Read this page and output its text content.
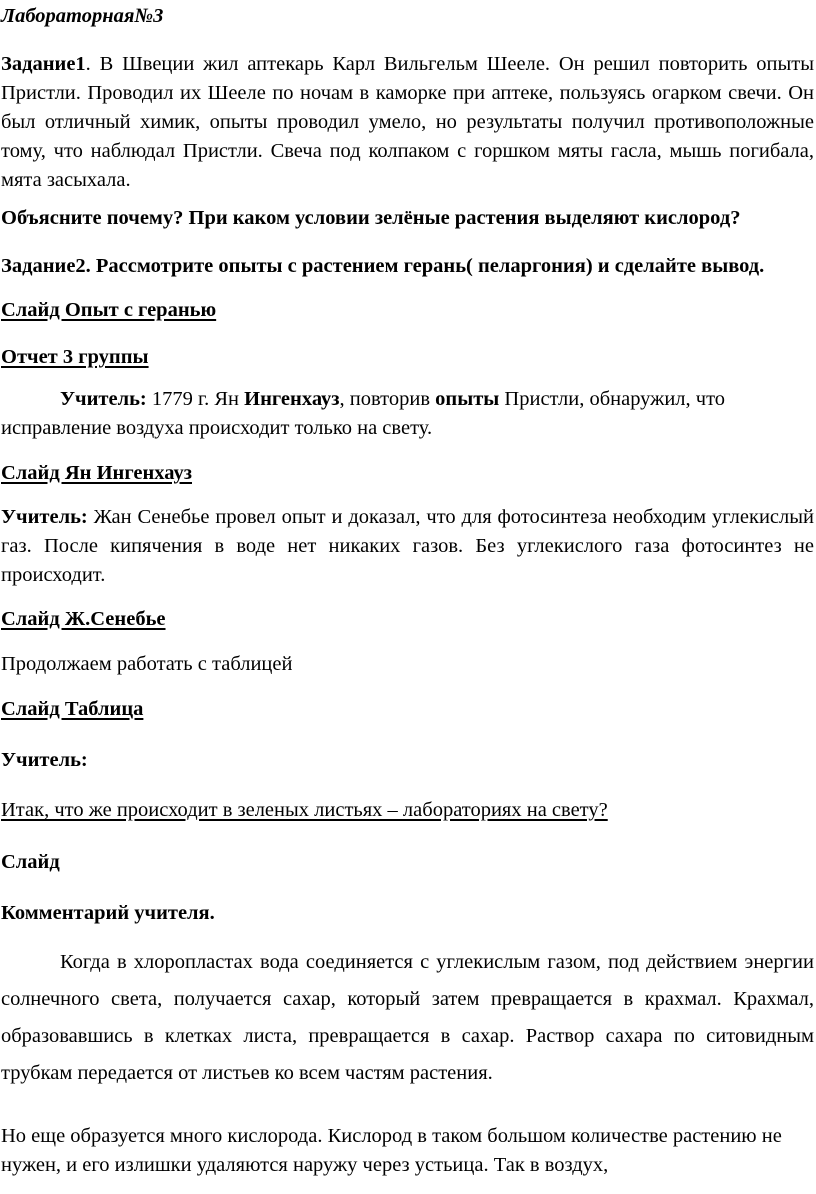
Лабораторная№3

Задание1. В Швеции жил аптекарь Карл Вильгельм Шееле. Он решил повторить опыты Пристли. Проводил их Шееле по ночам в каморке при аптеке, пользуясь огарком свечи. Он был отличный химик, опыты проводил умело, но результаты получил противоположные тому, что наблюдал Пристли. Свеча под колпаком с горшком мяты гасла, мышь погибала, мята засыхала.

Объясните почему? При каком условии зелёные растения выделяют кислород?

Задание2. Рассмотрите опыты с растением герань( пеларгония) и сделайте вывод.

Слайд Опыт с геранью

Отчет 3 группы

Учитель: 1779 г. Ян Ингенхауз, повторив опыты Пристли, обнаружил, что исправление воздуха происходит только на свету.

Слайд Ян Ингенхауз

Учитель: Жан Сенебье провел опыт и доказал, что для фотосинтеза необходим углекислый газ. После кипячения в воде нет никаких газов. Без углекислого газа фотосинтез не происходит.

Слайд Ж.Сенебье

Продолжаем работать с таблицей

Слайд Таблица

Учитель:

Итак, что же происходит в зеленых листьях – лабораториях на свету?

Слайд

Комментарий учителя.

Когда в хлоропластах вода соединяется с углекислым газом, под действием энергии солнечного света, получается сахар, который затем превращается в крахмал. Крахмал, образовавшись в клетках листа, превращается в сахар. Раствор сахара по ситовидным трубкам передается от листьев ко всем частям растения.

Но еще образуется много кислорода. Кислород в таком большом количестве растению не нужен, и его излишки удаляются наружу через устьица. Так в воздух,
